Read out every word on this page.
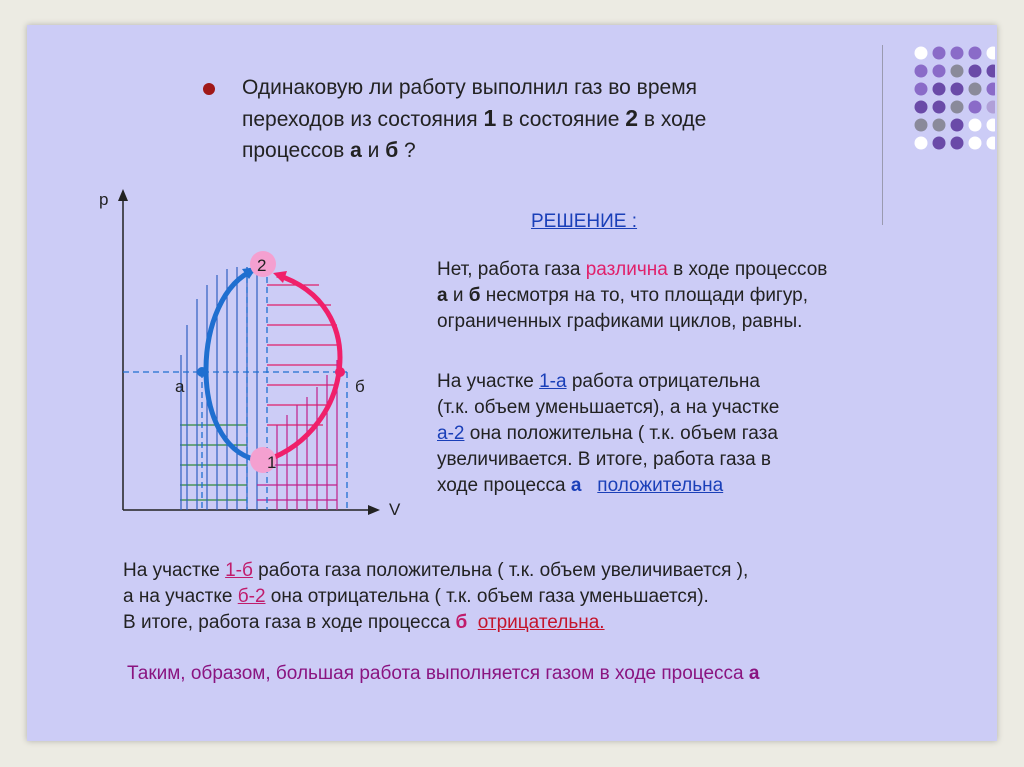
Одинаковую ли работу выполнил газ во время
переходов из состояния 1 в состояние 2 в ходе
процессов а и б ?
p
V
а	б
2
1
РЕШЕНИЕ :
Нет, работа газа различна в ходе процессов
а и б несмотря на то, что площади фигур,
ограниченных графиками циклов, равны.
На участке 1-а работа отрицательна
(т.к. объем уменьшается), а на участке
а-2 она положительна ( т.к. объем газа
увеличивается. В итоге, работа газа в
ходе процесса а положительна
На участке 1-б работа газа положительна ( т.к. объем увеличивается ),
а на участке б-2 она отрицательна ( т.к. объем газа уменьшается).
В итоге, работа газа в ходе процесса б отрицательна.
Таким, образом, большая работа выполняется газом в ходе процесса а
